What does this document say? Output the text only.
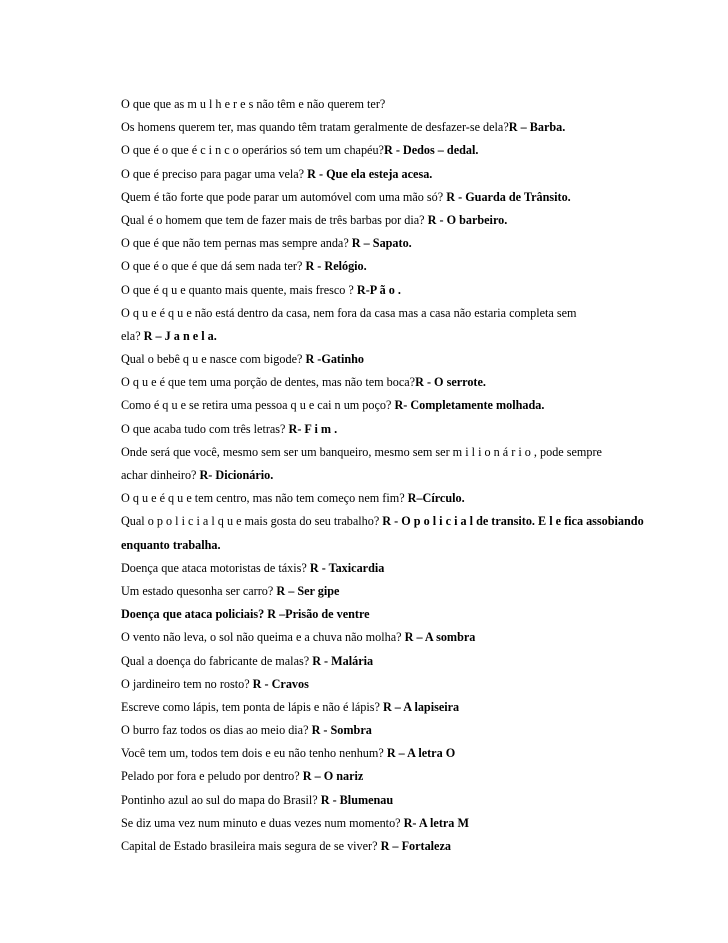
O que que as m u l h e r e s não têm e não querem ter?
Os homens querem ter, mas quando têm tratam geralmente de desfazer-se dela?R – Barba.
O que é o que é c i n c o operários só tem um chapéu?R - Dedos – dedal.
O que é preciso para pagar uma vela? R - Que ela esteja acesa.
Quem é tão forte que pode parar um automóvel com uma mão só? R - Guarda de Trânsito.
Qual é o homem que tem de fazer mais de três barbas por dia? R - O barbeiro.
O que é que não tem pernas mas sempre anda? R – Sapato.
O que é o que é que dá sem nada ter? R - Relógio.
O que é q u e quanto mais quente, mais fresco ? R-P ã o .
O q u e é q u e não está dentro da casa, nem fora da casa mas a casa não estaria completa sem
ela? R – J a n e l a.
Qual o bebê q u e nasce com bigode? R -Gatinho
O q u e é que tem uma porção de dentes, mas não tem boca?R - O serrote.
Como é q u e se retira uma pessoa q u e cai n um poço? R- Completamente molhada.
O que acaba tudo com três letras? R- F i m .
Onde será que você, mesmo sem ser um banqueiro, mesmo sem ser m i l i o n á r i o , pode sempre
achar dinheiro? R- Dicionário.
O q u e é q u e tem centro, mas não tem começo nem fim? R–Círculo.
Qual o p o l i c i a l q u e mais gosta do seu trabalho? R - O p o l i c i a l de transito. E l e fica assobiando
enquanto trabalha.
Doença que ataca motoristas de táxis? R - Taxicardia
Um estado quesonha ser carro? R – Ser gipe
Doença que ataca policiais? R –Prisão de ventre
O vento não leva, o sol não queima e a chuva não molha? R – A sombra
Qual a doença do fabricante de malas? R - Malária
O jardineiro tem no rosto? R - Cravos
Escreve como lápis, tem ponta de lápis e não é lápis? R – A lapiseira
O burro faz todos os dias ao meio dia? R - Sombra
Você tem um, todos tem dois e eu não tenho nenhum? R – A letra O
Pelado por fora e peludo por dentro? R – O nariz
Pontinho azul ao sul do mapa do Brasil? R - Blumenau
Se diz uma vez num minuto e duas vezes num momento? R- A letra M
Capital de Estado brasileira mais segura de se viver? R – Fortaleza
